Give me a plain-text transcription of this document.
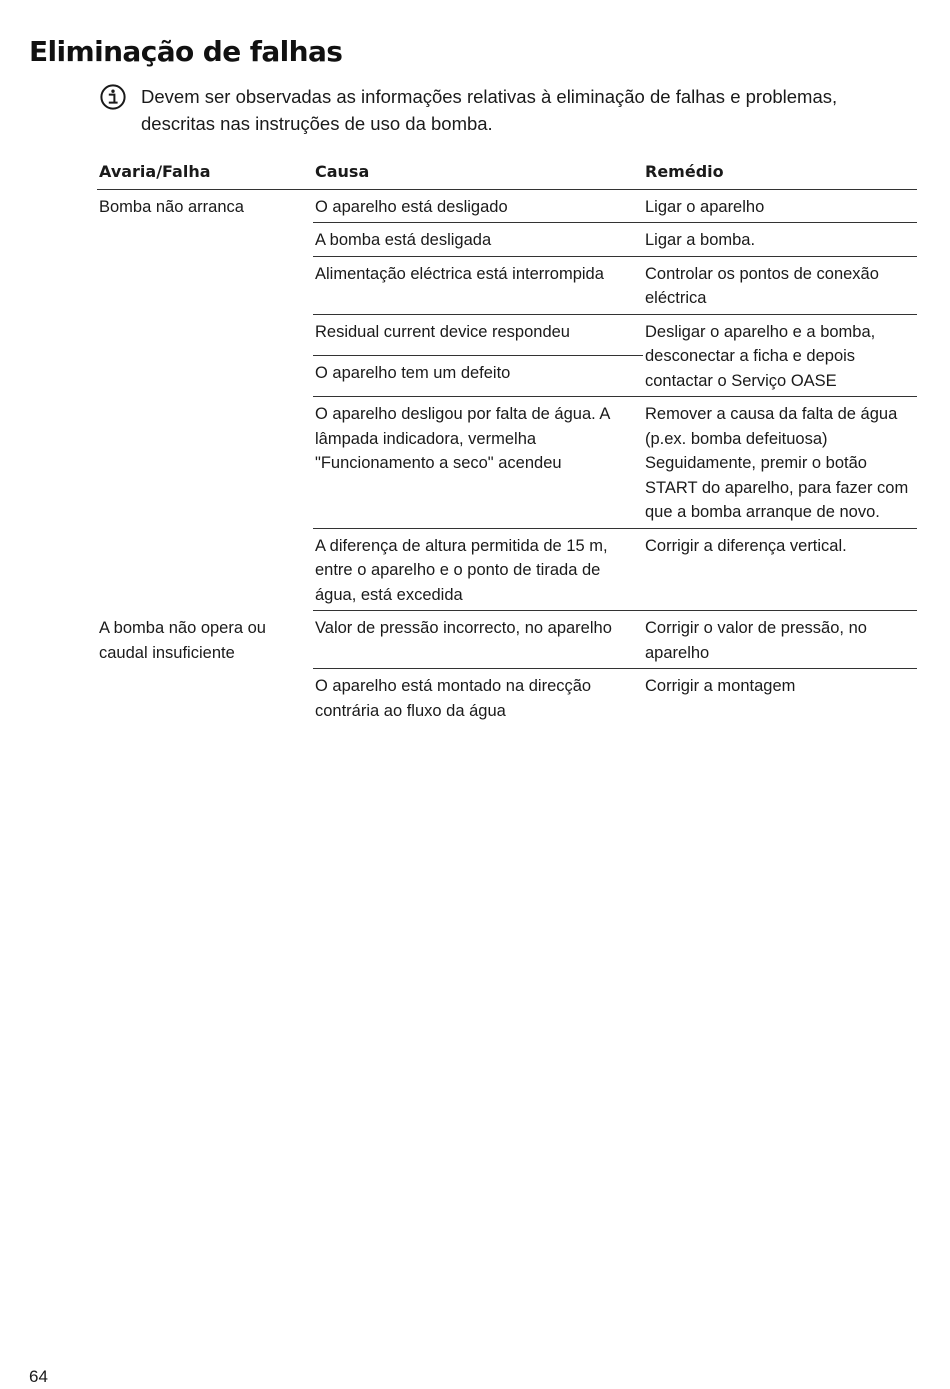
Eliminação de falhas
Devem ser observadas as informações relativas à eliminação de falhas e problemas, descritas nas instruções de uso da bomba.
Avaria/Falha	Causa	Remédio
Bomba não arranca	O aparelho está desligado	Ligar o aparelho
	A bomba está desligada	Ligar a bomba.
	Alimentação eléctrica está interrompida	Controlar os pontos de conexão eléctrica
	Residual current device respondeu	Desligar o aparelho e a bomba, desconectar a ficha e depois contactar o Serviço OASE
	O aparelho tem um defeito	
	O aparelho desligou por falta de água. A lâmpada indicadora, vermelha "Funcionamento a seco" acendeu	Remover a causa da falta de água (p.ex. bomba defeituosa) Seguidamente, premir o botão START do aparelho, para fazer com que a bomba arranque de novo.
	A diferença de altura permitida de 15 m, entre o aparelho e o ponto de tirada de água, está excedida	Corrigir a diferença vertical.
A bomba não opera ou caudal insuficiente	Valor de pressão incorrecto, no aparelho	Corrigir o valor de pressão, no aparelho
	O aparelho está montado na direcção contrária ao fluxo da água	Corrigir a montagem
64
